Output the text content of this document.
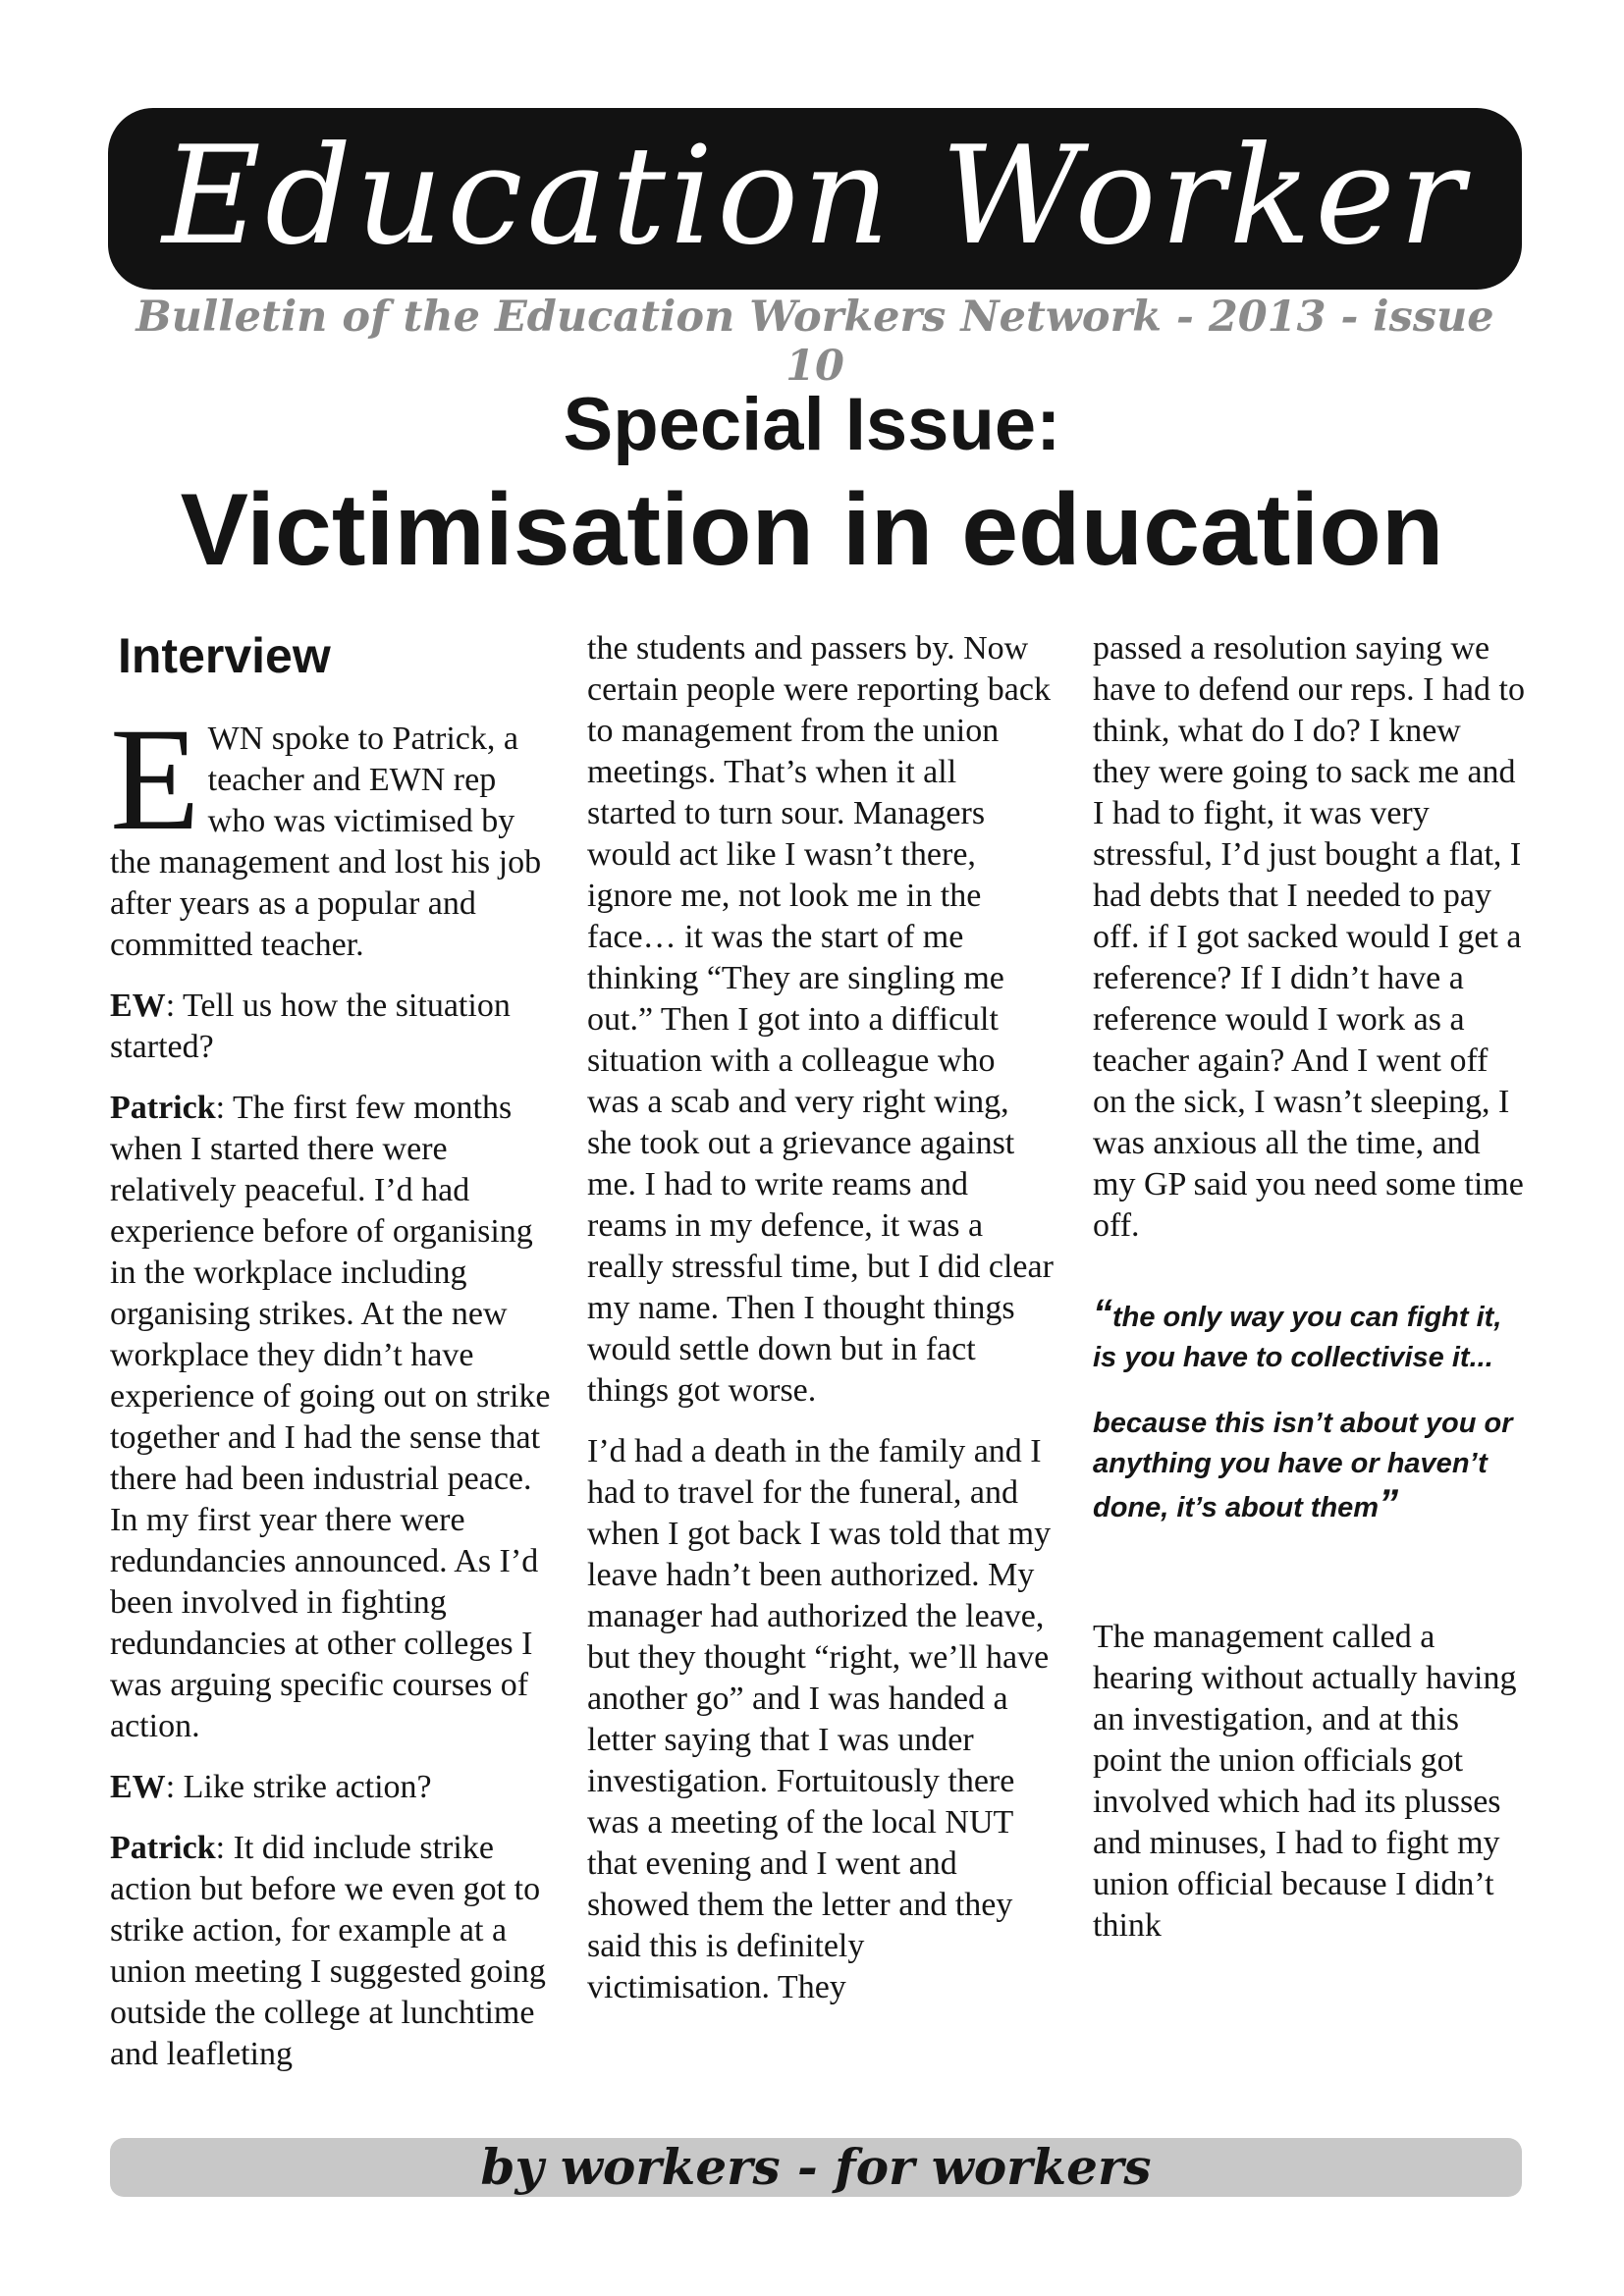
Education Worker
Bulletin of the Education Workers Network - 2013 - issue 10
Special Issue:
Victimisation in education
Interview

EWN spoke to Patrick, a teacher and EWN rep who was victimised by the management and lost his job after years as a popular and committed teacher.

EW: Tell us how the situation started?

Patrick: The first few months when I started there were relatively peaceful. I’d had experience before of organising in the workplace including organising strikes. At the new workplace they didn’t have experience of going out on strike together and I had the sense that there had been industrial peace. In my first year there were redundancies announced. As I’d been involved in fighting redundancies at other colleges I was arguing specific courses of action.

EW: Like strike action?

Patrick: It did include strike action but before we even got to strike action, for example at a union meeting I suggested going outside the college at lunchtime and leafleting

the students and passers by. Now certain people were reporting back to management from the union meetings. That’s when it all started to turn sour. Managers would act like I wasn’t there, ignore me, not look me in the face… it was the start of me thinking “They are singling me out.” Then I got into a difficult situation with a colleague who was a scab and very right wing, she took out a grievance against me. I had to write reams and reams in my defence, it was a really stressful time, but I did clear my name. Then I thought things would settle down but in fact things got worse.

I’d had a death in the family and I had to travel for the funeral, and when I got back I was told that my leave hadn’t been authorized. My manager had authorized the leave, but they thought “right, we’ll have another go” and I was handed a letter saying that I was under investigation. Fortuitously there was a meeting of the local NUT that evening and I went and showed them the letter and they said this is definitely victimisation. They

passed a resolution saying we have to defend our reps. I had to think, what do I do? I knew they were going to sack me and I had to fight, it was very stressful, I’d just bought a flat, I had debts that I needed to pay off. if I got sacked would I get a reference? If I didn’t have a reference would I work as a teacher again? And I went off on the sick, I wasn’t sleeping, I was anxious all the time, and my GP said you need some time off.

“the only way you can fight it, is you have to collectivise it...

because this isn’t about you or anything you have or haven’t done, it’s about them”

The management called a hearing without actually having an investigation, and at this point the union officials got involved which had its plusses and minuses, I had to fight my union official because I didn’t think

by workers - for workers
